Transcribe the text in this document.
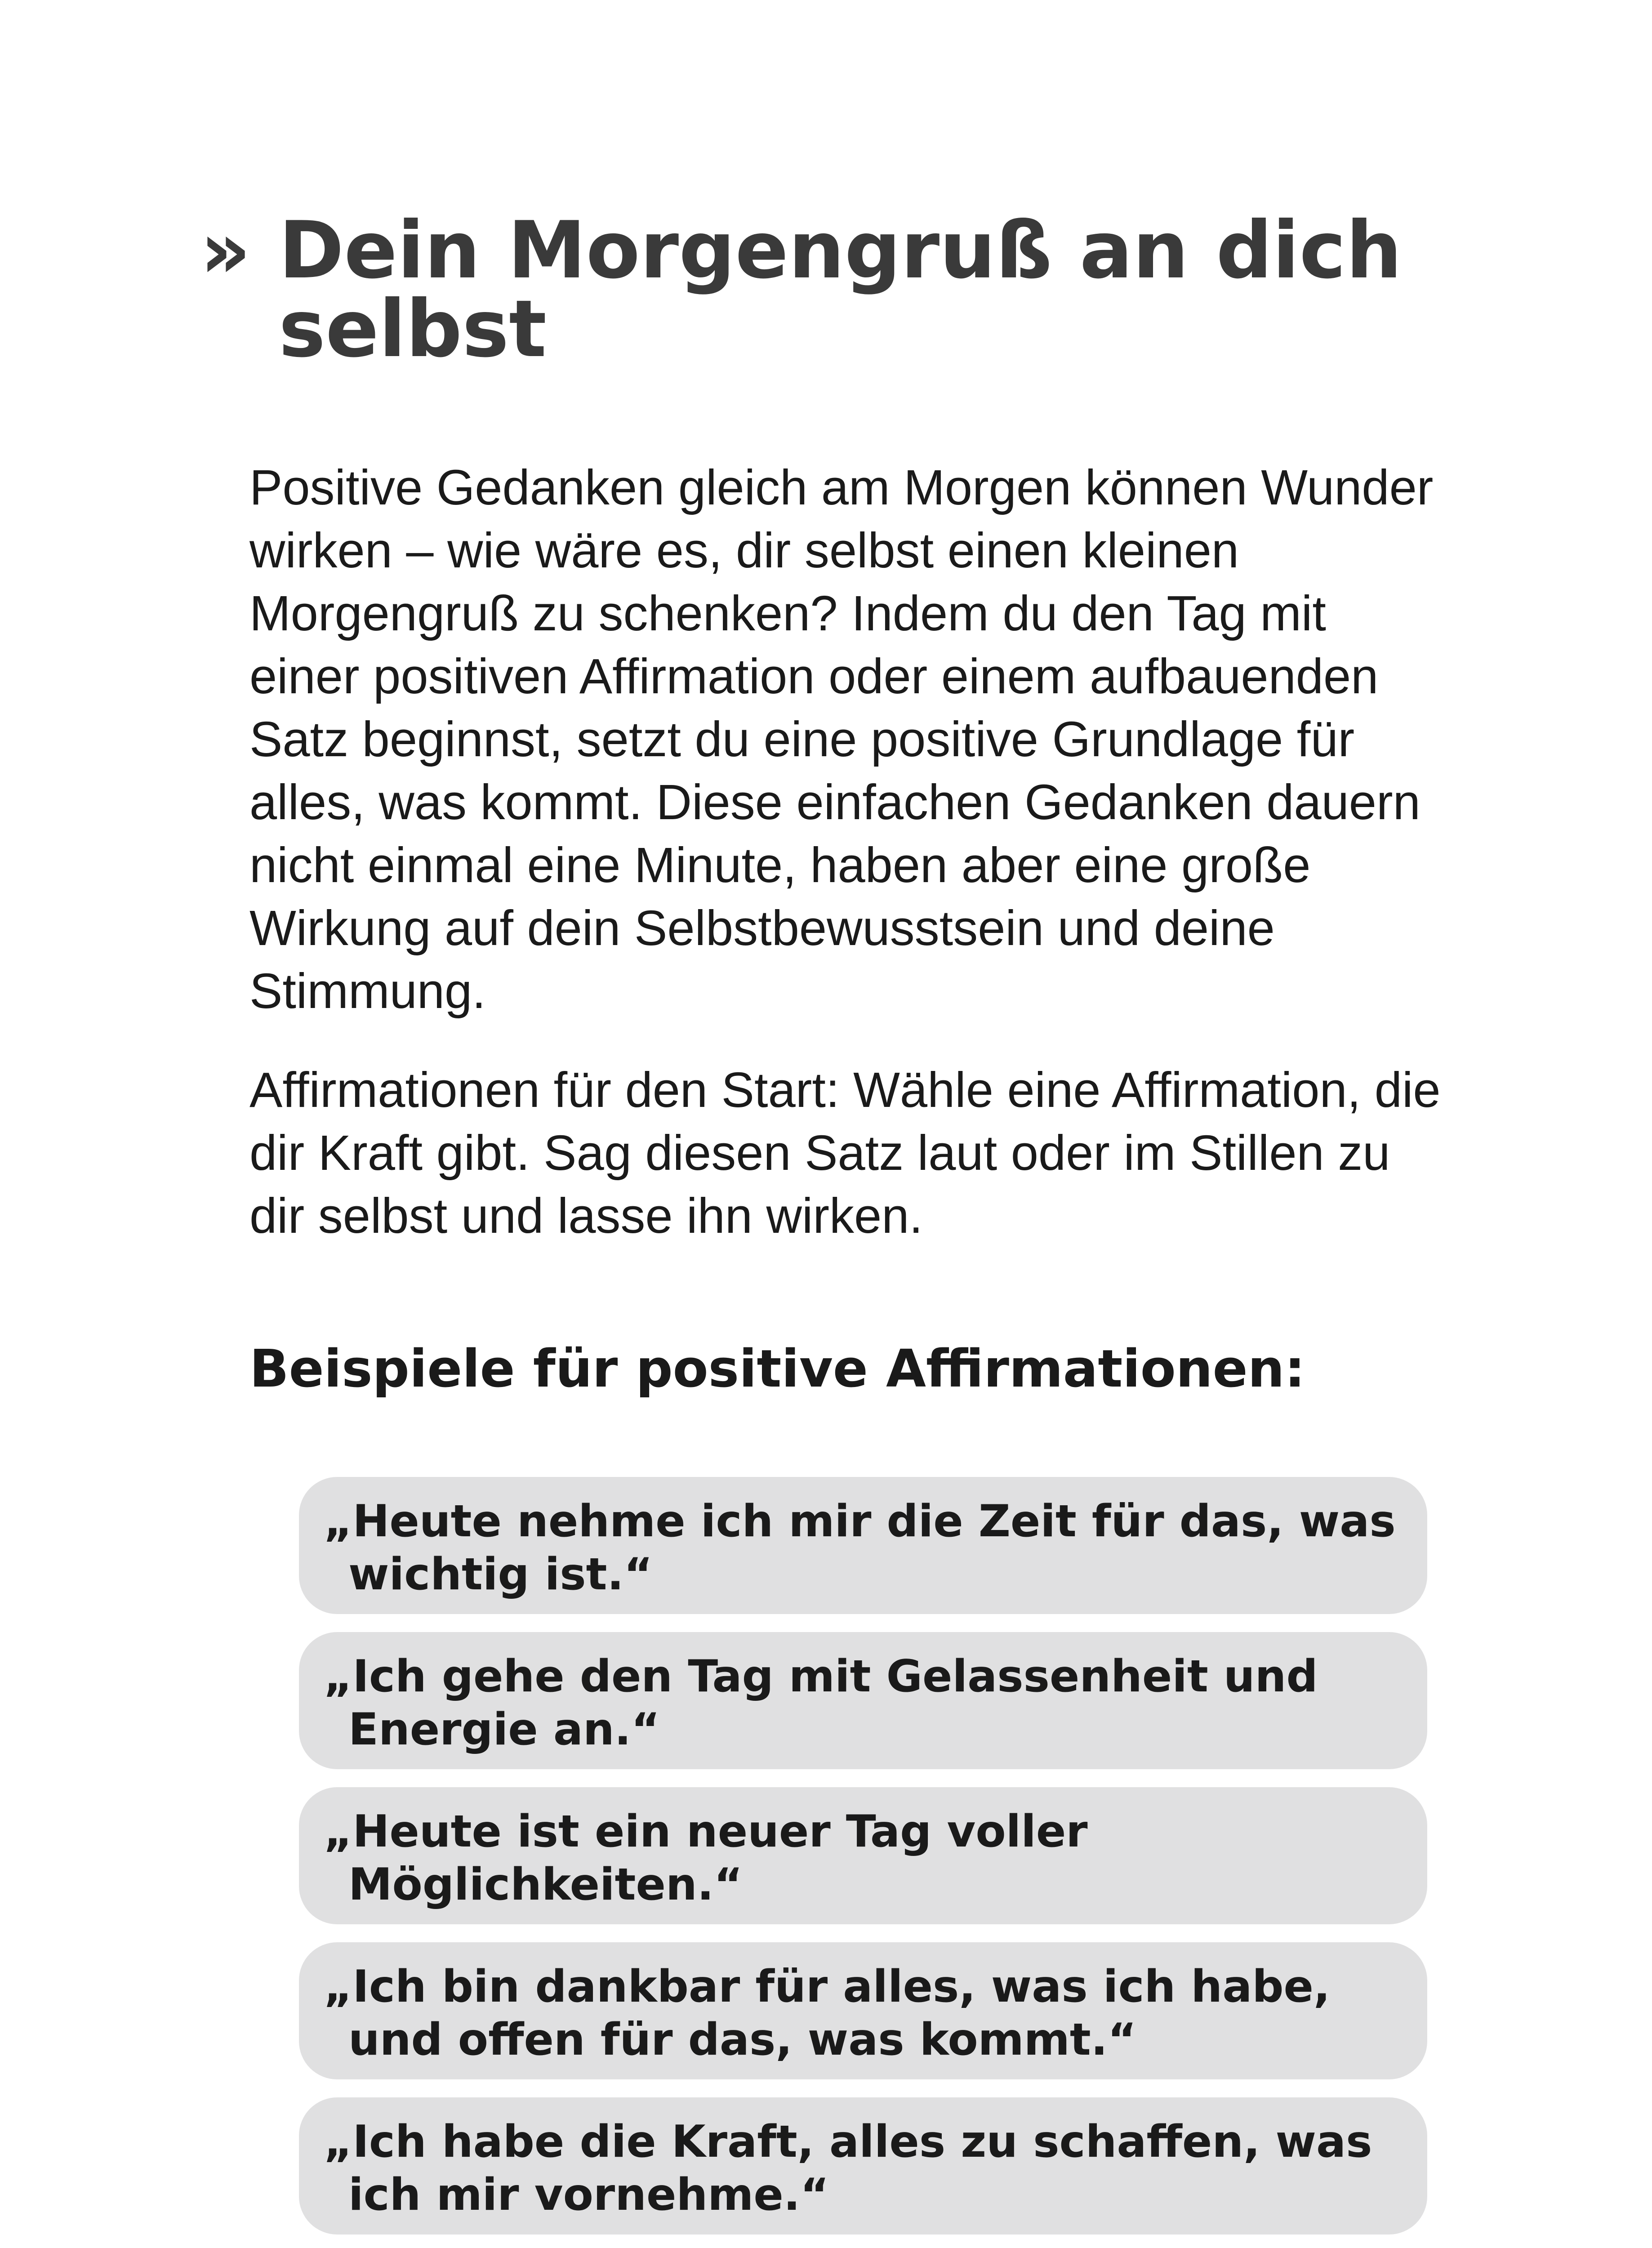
» Dein Morgengruß an dich selbst

Positive Gedanken gleich am Morgen können Wunder wirken – wie wäre es, dir selbst einen kleinen Morgengruß zu schenken? Indem du den Tag mit einer positiven Affirmation oder einem aufbauenden Satz beginnst, setzt du eine positive Grundlage für alles, was kommt. Diese einfachen Gedanken dauern nicht einmal eine Minute, haben aber eine große Wirkung auf dein Selbstbewusstsein und deine Stimmung.

Affirmationen für den Start: Wähle eine Affirmation, die dir Kraft gibt. Sag diesen Satz laut oder im Stillen zu dir selbst und lasse ihn wirken.

Beispiele für positive Affirmationen:
„Heute nehme ich mir die Zeit für das, was wichtig ist.“
„Ich gehe den Tag mit Gelassenheit und Energie an.“
„Heute ist ein neuer Tag voller Möglichkeiten.“
„Ich bin dankbar für alles, was ich habe, und offen für das, was kommt.“
„Ich habe die Kraft, alles zu schaffen, was ich mir vornehme.“
